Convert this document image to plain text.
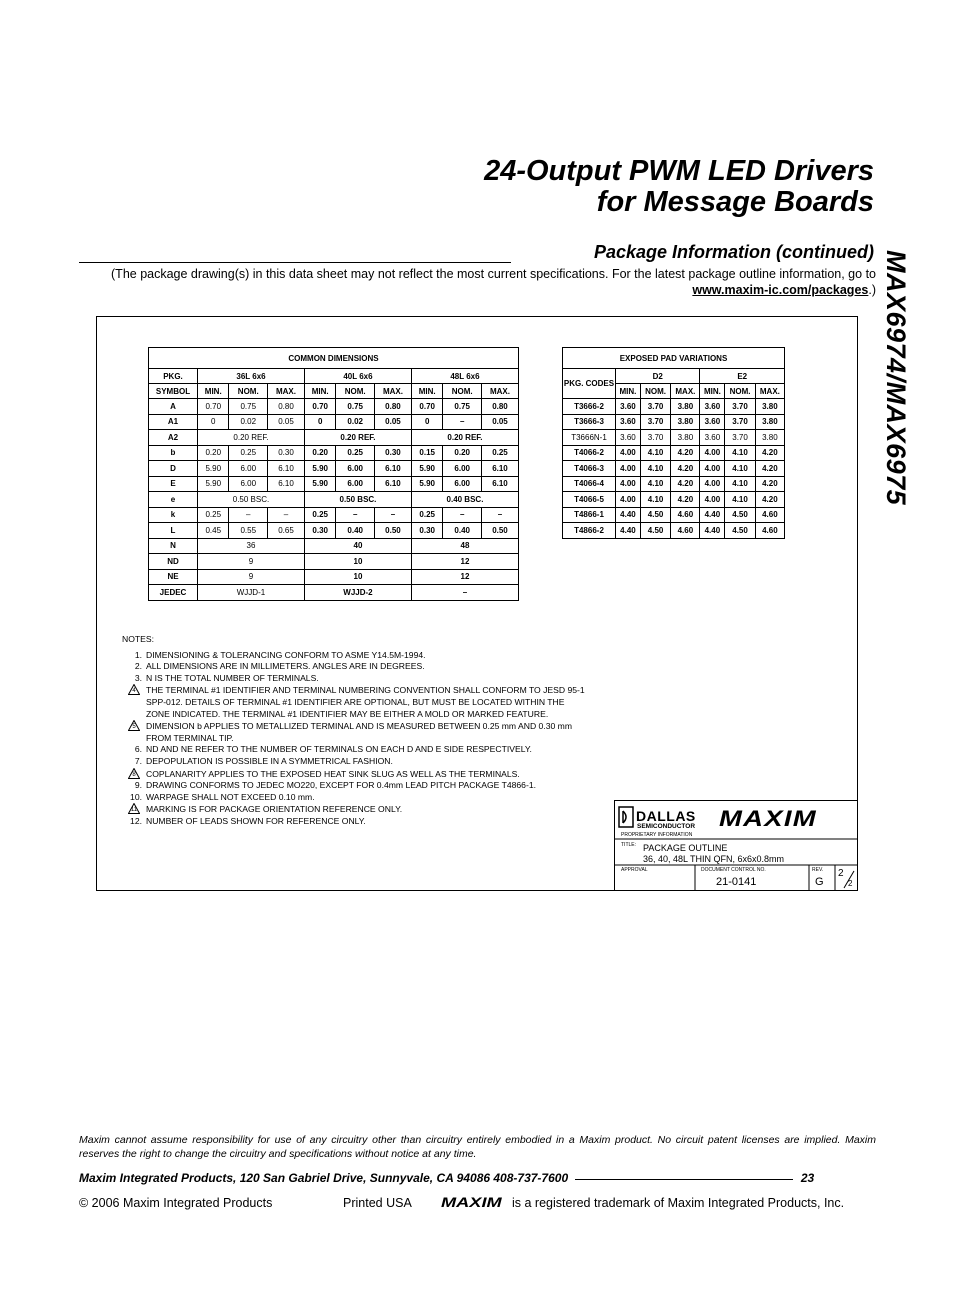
24-Output PWM LED Drivers
for Message Boards
MAX6974/MAX6975
Package Information (continued)
(The package drawing(s) in this data sheet may not reflect the most current specifications. For the latest package outline information, go to www.maxim-ic.com/packages.)
COMMON DIMENSIONS									
PKG.	36L 6x6			40L 6x6			48L 6x6		
SYMBOL	MIN.	NOM.	MAX.	MIN.	NOM.	MAX.	MIN.	NOM.	MAX.
A	0.70	0.75	0.80	0.70	0.75	0.80	0.70	0.75	0.80
A1	0	0.02	0.05	0	0.02	0.05	0	–	0.05
A2	0.20 REF.			0.20 REF.			0.20 REF.		
b	0.20	0.25	0.30	0.20	0.25	0.30	0.15	0.20	0.25
D	5.90	6.00	6.10	5.90	6.00	6.10	5.90	6.00	6.10
E	5.90	6.00	6.10	5.90	6.00	6.10	5.90	6.00	6.10
e	0.50 BSC.			0.50 BSC.			0.40 BSC.		
k	0.25	–	–	0.25	–	–	0.25	–	–
L	0.45	0.55	0.65	0.30	0.40	0.50	0.30	0.40	0.50
N	36			40			48		
ND	9			10			12		
NE	9			10			12		
JEDEC	WJJD-1			WJJD-2			–		
EXPOSED PAD VARIATIONS						
PKG. CODES	D2			E2		
	MIN.	NOM.	MAX.	MIN.	NOM.	MAX.
T3666-2	3.60	3.70	3.80	3.60	3.70	3.80
T3666-3	3.60	3.70	3.80	3.60	3.70	3.80
T3666N-1	3.60	3.70	3.80	3.60	3.70	3.80
T4066-2	4.00	4.10	4.20	4.00	4.10	4.20
T4066-3	4.00	4.10	4.20	4.00	4.10	4.20
T4066-4	4.00	4.10	4.20	4.00	4.10	4.20
T4066-5	4.00	4.10	4.20	4.00	4.10	4.20
T4866-1	4.40	4.50	4.60	4.40	4.50	4.60
T4866-2	4.40	4.50	4.60	4.40	4.50	4.60
NOTES:
1. DIMENSIONING & TOLERANCING CONFORM TO ASME Y14.5M-1994.
2. ALL DIMENSIONS ARE IN MILLIMETERS. ANGLES ARE IN DEGREES.
3. N IS THE TOTAL NUMBER OF TERMINALS.
4	THE TERMINAL #1 IDENTIFIER AND TERMINAL NUMBERING CONVENTION SHALL CONFORM TO JESD 95-1
SPP-012. DETAILS OF TERMINAL #1 IDENTIFIER ARE OPTIONAL, BUT MUST BE LOCATED WITHIN THE
ZONE INDICATED. THE TERMINAL #1 IDENTIFIER MAY BE EITHER A MOLD OR MARKED FEATURE.
5	DIMENSION b APPLIES TO METALLIZED TERMINAL AND IS MEASURED BETWEEN 0.25 mm AND 0.30 mm
FROM TERMINAL TIP.
6. ND AND NE REFER TO THE NUMBER OF TERMINALS ON EACH D AND E SIDE RESPECTIVELY.
7. DEPOPULATION IS POSSIBLE IN A SYMMETRICAL FASHION.
8	COPLANARITY APPLIES TO THE EXPOSED HEAT SINK SLUG AS WELL AS THE TERMINALS.
9. DRAWING CONFORMS TO JEDEC MO220, EXCEPT FOR 0.4mm LEAD PITCH PACKAGE T4866-1.
10. WARPAGE SHALL NOT EXCEED 0.10 mm.
11	MARKING IS FOR PACKAGE ORIENTATION REFERENCE ONLY.
12. NUMBER OF LEADS SHOWN FOR REFERENCE ONLY.	DALLAS
SEMICONDUCTOR MAXIM
PROPRIETARY INFORMATION
TITLE: PACKAGE OUTLINE
36, 40, 48L THIN QFN, 6x6x0.8mm
APPROVAL	DOCUMENT CONTROL NO.	REV.
21-0141	G
2
2
Maxim cannot assume responsibility for use of any circuitry other than circuitry entirely embodied in a Maxim product. No circuit patent licenses are implied. Maxim reserves the right to change the circuitry and specifications without notice at any time.
Maxim Integrated Products, 120 San Gabriel Drive, Sunnyvale, CA 94086 408-737-7600	23
© 2006 Maxim Integrated Products	Printed USA MAXIM is a registered trademark of Maxim Integrated Products, Inc.
